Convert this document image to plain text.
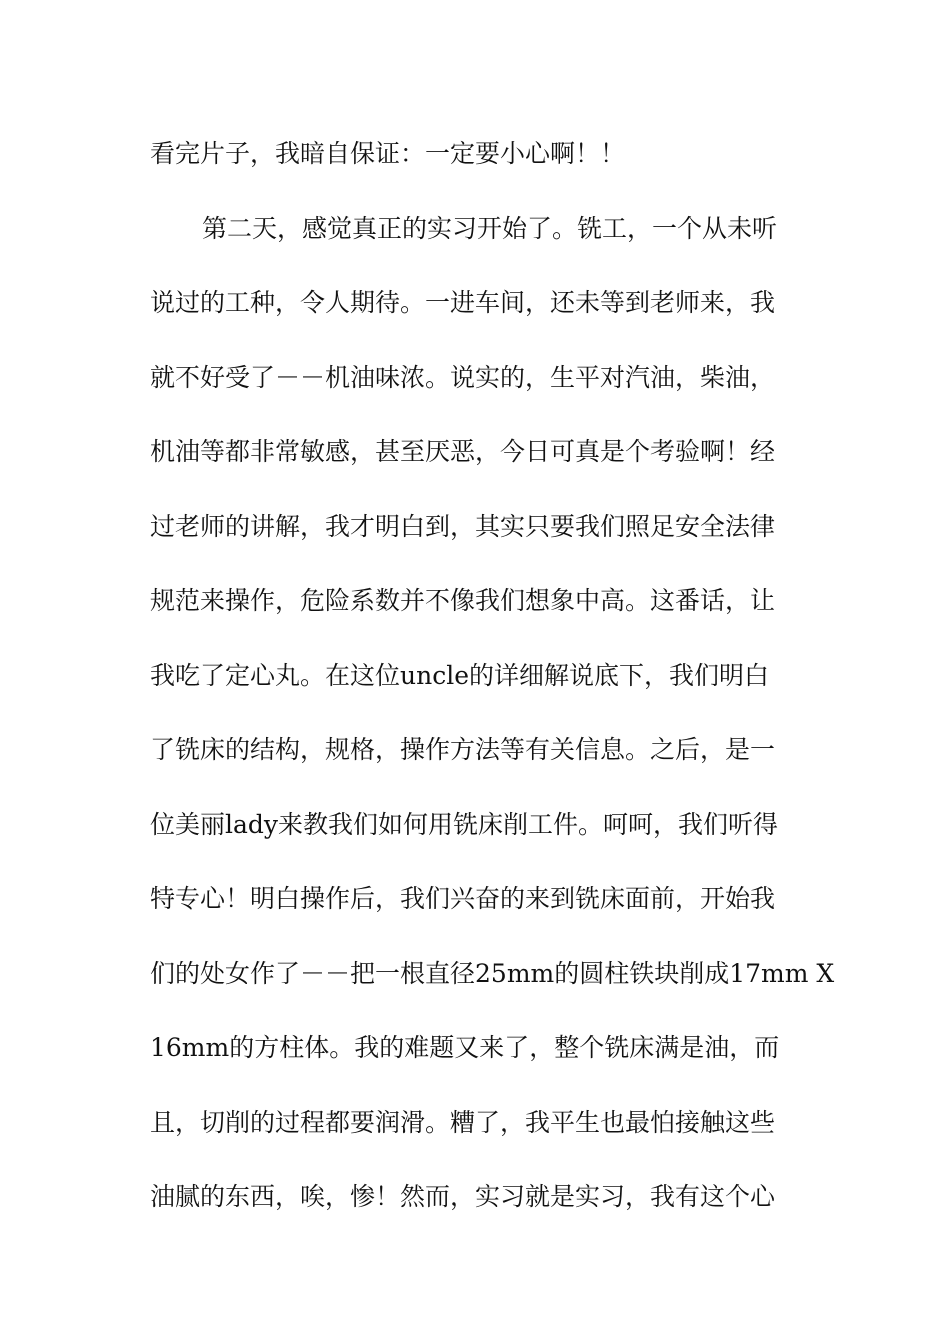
看完片子，我暗自保证：一定要小心啊！！
第二天，感觉真正的实习开始了。铣工，一个从未听
说过的工种，令人期待。一进车间，还未等到老师来，我
就不好受了－－机油味浓。说实的，生平对汽油，柴油，
机油等都非常敏感，甚至厌恶，今日可真是个考验啊！经
过老师的讲解，我才明白到，其实只要我们照足安全法律
规范来操作，危险系数并不像我们想象中高。这番话，让
我吃了定心丸。在这位uncle的详细解说底下，我们明白
了铣床的结构，规格，操作方法等有关信息。之后，是一
位美丽lady来教我们如何用铣床削工件。呵呵，我们听得
特专心！明白操作后，我们兴奋的来到铣床面前，开始我
们的处女作了－－把一根直径25mm的圆柱铁块削成17mm X
16mm的方柱体。我的难题又来了，整个铣床满是油，而
且，切削的过程都要润滑。糟了，我平生也最怕接触这些
油腻的东西，唉，惨！然而，实习就是实习，我有这个心
